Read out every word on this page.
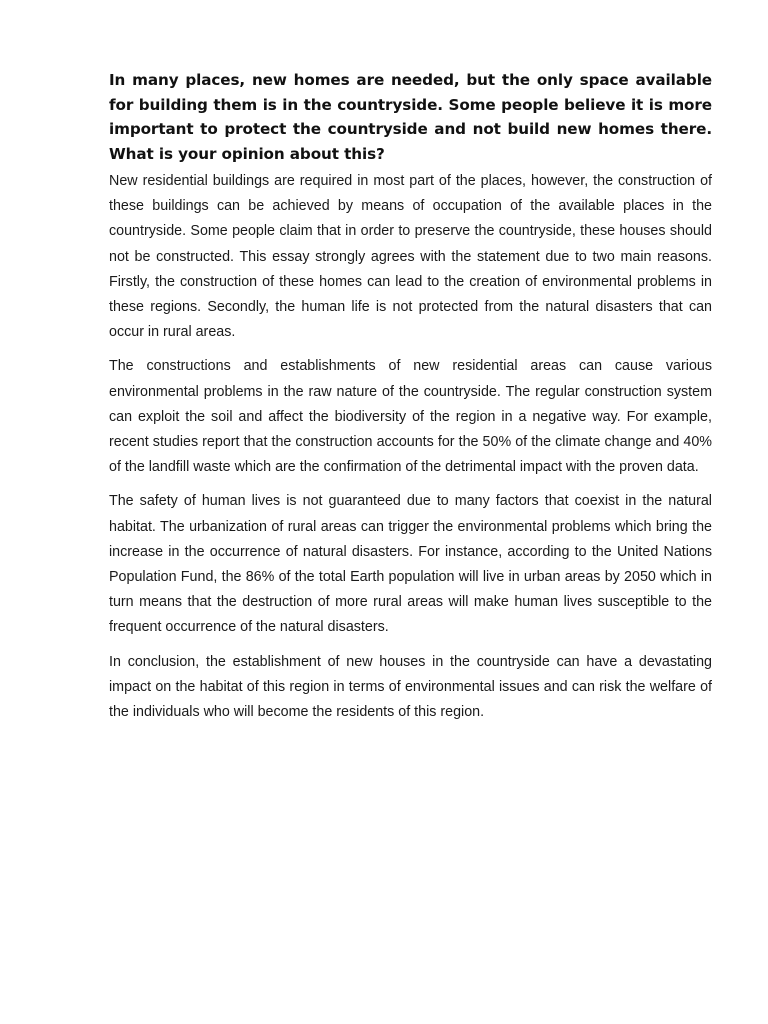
In many places, new homes are needed, but the only space available for building them is in the countryside. Some people believe it is more important to protect the countryside and not build new homes there. What is your opinion about this?

New residential buildings are required in most part of the places, however, the construction of these buildings can be achieved by means of occupation of the available places in the countryside. Some people claim that in order to preserve the countryside, these houses should not be constructed. This essay strongly agrees with the statement due to two main reasons. Firstly, the construction of these homes can lead to the creation of environmental problems in these regions. Secondly, the human life is not protected from the natural disasters that can occur in rural areas.

The constructions and establishments of new residential areas can cause various environmental problems in the raw nature of the countryside. The regular construction system can exploit the soil and affect the biodiversity of the region in a negative way. For example, recent studies report that the construction accounts for the 50% of the climate change and 40% of the landfill waste which are the confirmation of the detrimental impact with the proven data.

The safety of human lives is not guaranteed due to many factors that coexist in the natural habitat. The urbanization of rural areas can trigger the environmental problems which bring the increase in the occurrence of natural disasters. For instance, according to the United Nations Population Fund, the 86% of the total Earth population will live in urban areas by 2050 which in turn means that the destruction of more rural areas will make human lives susceptible to the frequent occurrence of the natural disasters.

In conclusion, the establishment of new houses in the countryside can have a devastating impact on the habitat of this region in terms of environmental issues and can risk the welfare of the individuals who will become the residents of this region.
